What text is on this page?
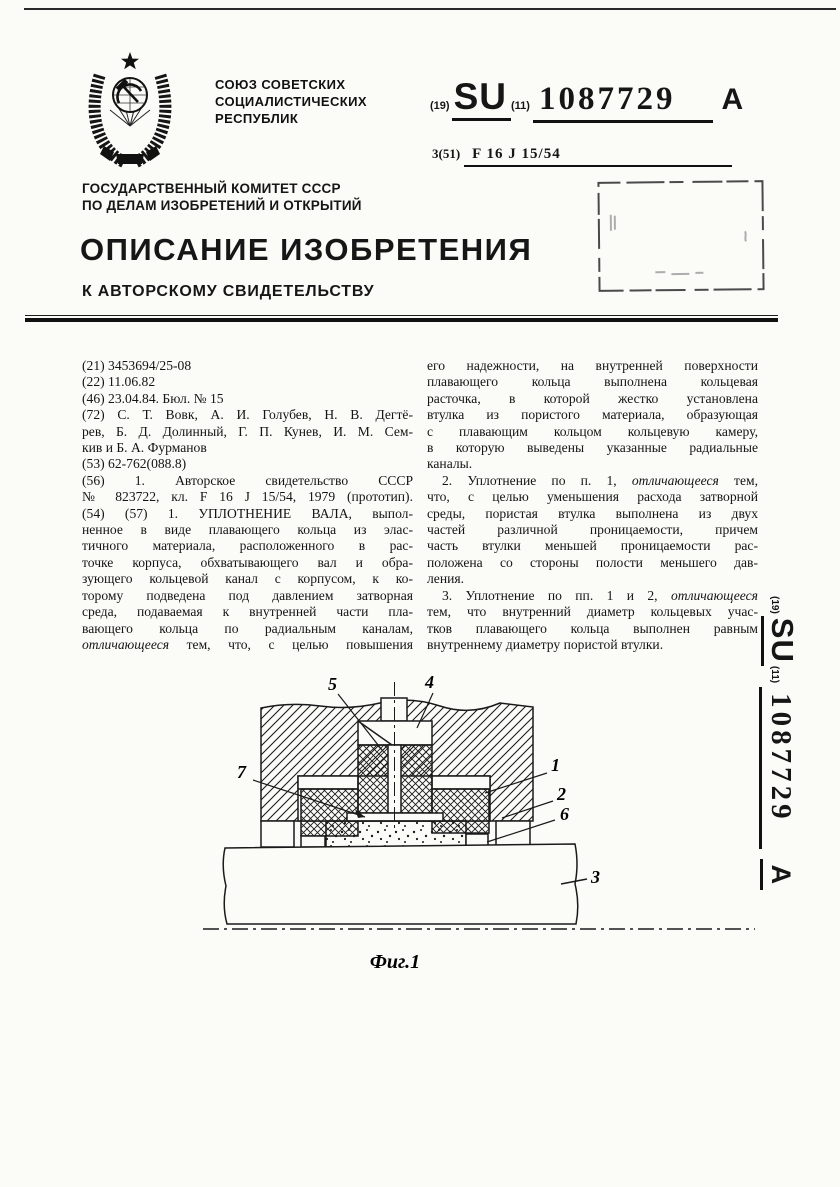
СОЮЗ СОВЕТСКИХ
СОЦИАЛИСТИЧЕСКИХ
РЕСПУБЛИК
(19) SU (11) 1087729	A
3(51) F 16 J 15/54
ГОСУДАРСТВЕННЫЙ КОМИТЕТ СССР
ПО ДЕЛАМ ИЗОБРЕТЕНИЙ И ОТКРЫТИЙ
ОПИСАНИЕ ИЗОБРЕТЕНИЯ
К АВТОРСКОМУ СВИДЕТЕЛЬСТВУ
(21) 3453694/25-08
(22) 11.06.82
(46) 23.04.84. Бюл. № 15
(72) С. Т. Вовк, А. И. Голубев, Н. В. Дегтё-
рев, Б. Д. Долинный, Г. П. Кунев, И. М. Сем-
кив и Б. А. Фурманов
(53) 62-762(088.8)
(56) 1. Авторское свидетельство СССР
№ 823722, кл. F 16 J 15/54, 1979 (прототип).
(54) (57) 1. УПЛОТНЕНИЕ ВАЛА, выпол-
ненное в виде плавающего кольца из элас-
тичного материала, расположенного в рас-
точке корпуса, обхватывающего вал и обра-
зующего кольцевой канал с корпусом, к ко-
торому подведена под давлением затворная
среда, подаваемая к внутренней части пла-
вающего кольца по радиальным каналам,
отличающееся тем, что, с целью повышения
его надежности, на внутренней поверхности
плавающего кольца выполнена кольцевая
расточка, в которой жестко установлена
втулка из пористого материала, образующая
с плавающим кольцом кольцевую камеру,
в которую выведены указанные радиальные
каналы.
2. Уплотнение по п. 1, отличающееся тем,
что, с целью уменьшения расхода затворной
среды, пористая втулка выполнена из двух
частей различной проницаемости, причем
часть втулки меньшей проницаемости рас-
положена со стороны полости меньшего дав-
ления.
3. Уплотнение по пп. 1 и 2, отличающееся
тем, что внутренний диаметр кольцевых учас-
тков плавающего кольца выполнен равным
внутреннему диаметру пористой втулки.
(19)
SU
(11)
1087729
A
5	4
7	1
2
6
3
Фиг.1
